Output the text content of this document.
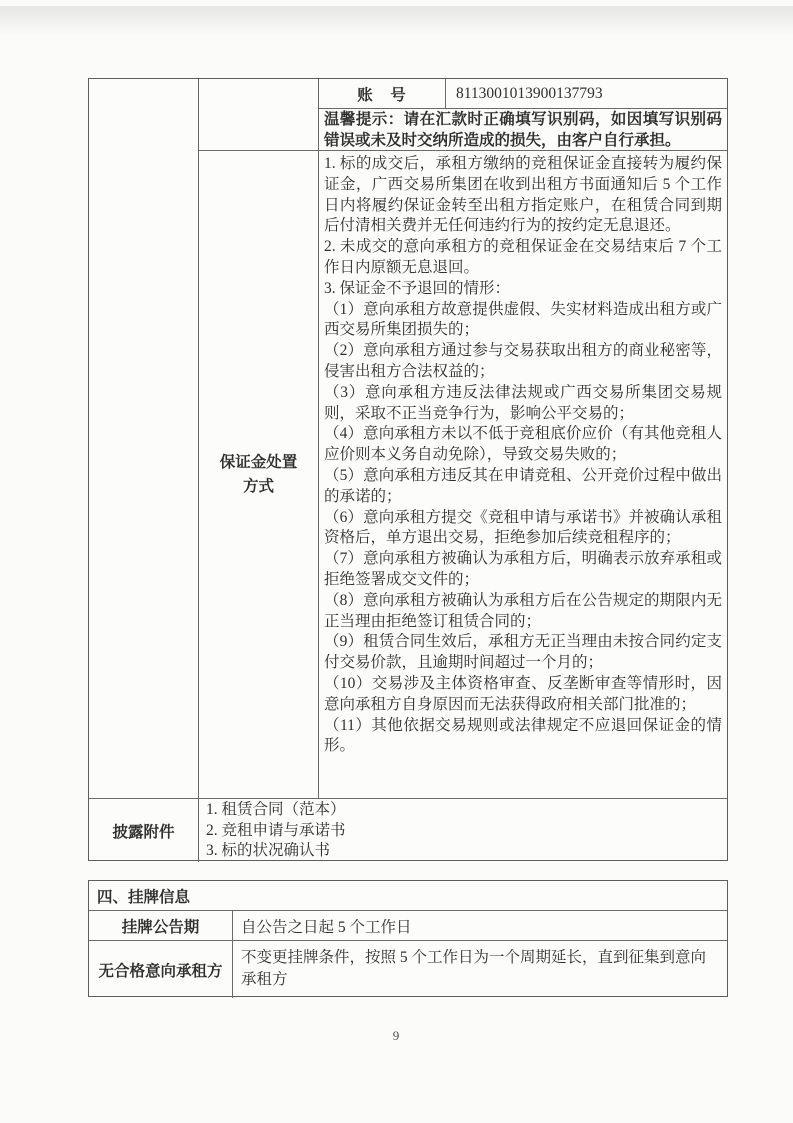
账　号	8113001013900137793
温馨提示：请在汇款时正确填写识别码，如因填写识别码错误或未及时交纳所造成的损失，由客户自行承担。
保证金处置方式

1. 标的成交后，承租方缴纳的竞租保证金直接转为履约保证金，广西交易所集团在收到出租方书面通知后 5 个工作日内将履约保证金转至出租方指定账户，在租赁合同到期后付清相关费并无任何违约行为的按约定无息退还。

2. 未成交的意向承租方的竞租保证金在交易结束后 7 个工作日内原额无息退回。

3. 保证金不予退回的情形：

（1）意向承租方故意提供虚假、失实材料造成出租方或广西交易所集团损失的；

（2）意向承租方通过参与交易获取出租方的商业秘密等，侵害出租方合法权益的；

（3）意向承租方违反法律法规或广西交易所集团交易规则，采取不正当竞争行为，影响公平交易的；

（4）意向承租方未以不低于竞租底价应价（有其他竞租人应价则本义务自动免除），导致交易失败的；

（5）意向承租方违反其在申请竞租、公开竞价过程中做出的承诺的；

（6）意向承租方提交《竞租申请与承诺书》并被确认承租资格后，单方退出交易，拒绝参加后续竞租程序的；

（7）意向承租方被确认为承租方后，明确表示放弃承租或拒绝签署成交文件的；

（8）意向承租方被确认为承租方后在公告规定的期限内无正当理由拒绝签订租赁合同的；

（9）租赁合同生效后，承租方无正当理由未按合同约定支付交易价款，且逾期时间超过一个月的；

（10）交易涉及主体资格审查、反垄断审查等情形时，因意向承租方自身原因而无法获得政府相关部门批准的；

（11）其他依据交易规则或法律规定不应退回保证金的情形。

披露附件

1. 租赁合同（范本）

2. 竞租申请与承诺书

3. 标的状况确认书

四、挂牌信息
挂牌公告期	自公告之日起 5 个工作日
无合格意向承租方
不变更挂牌条件，按照 5 个工作日为一个周期延长，直到征集到意向承租方
9
